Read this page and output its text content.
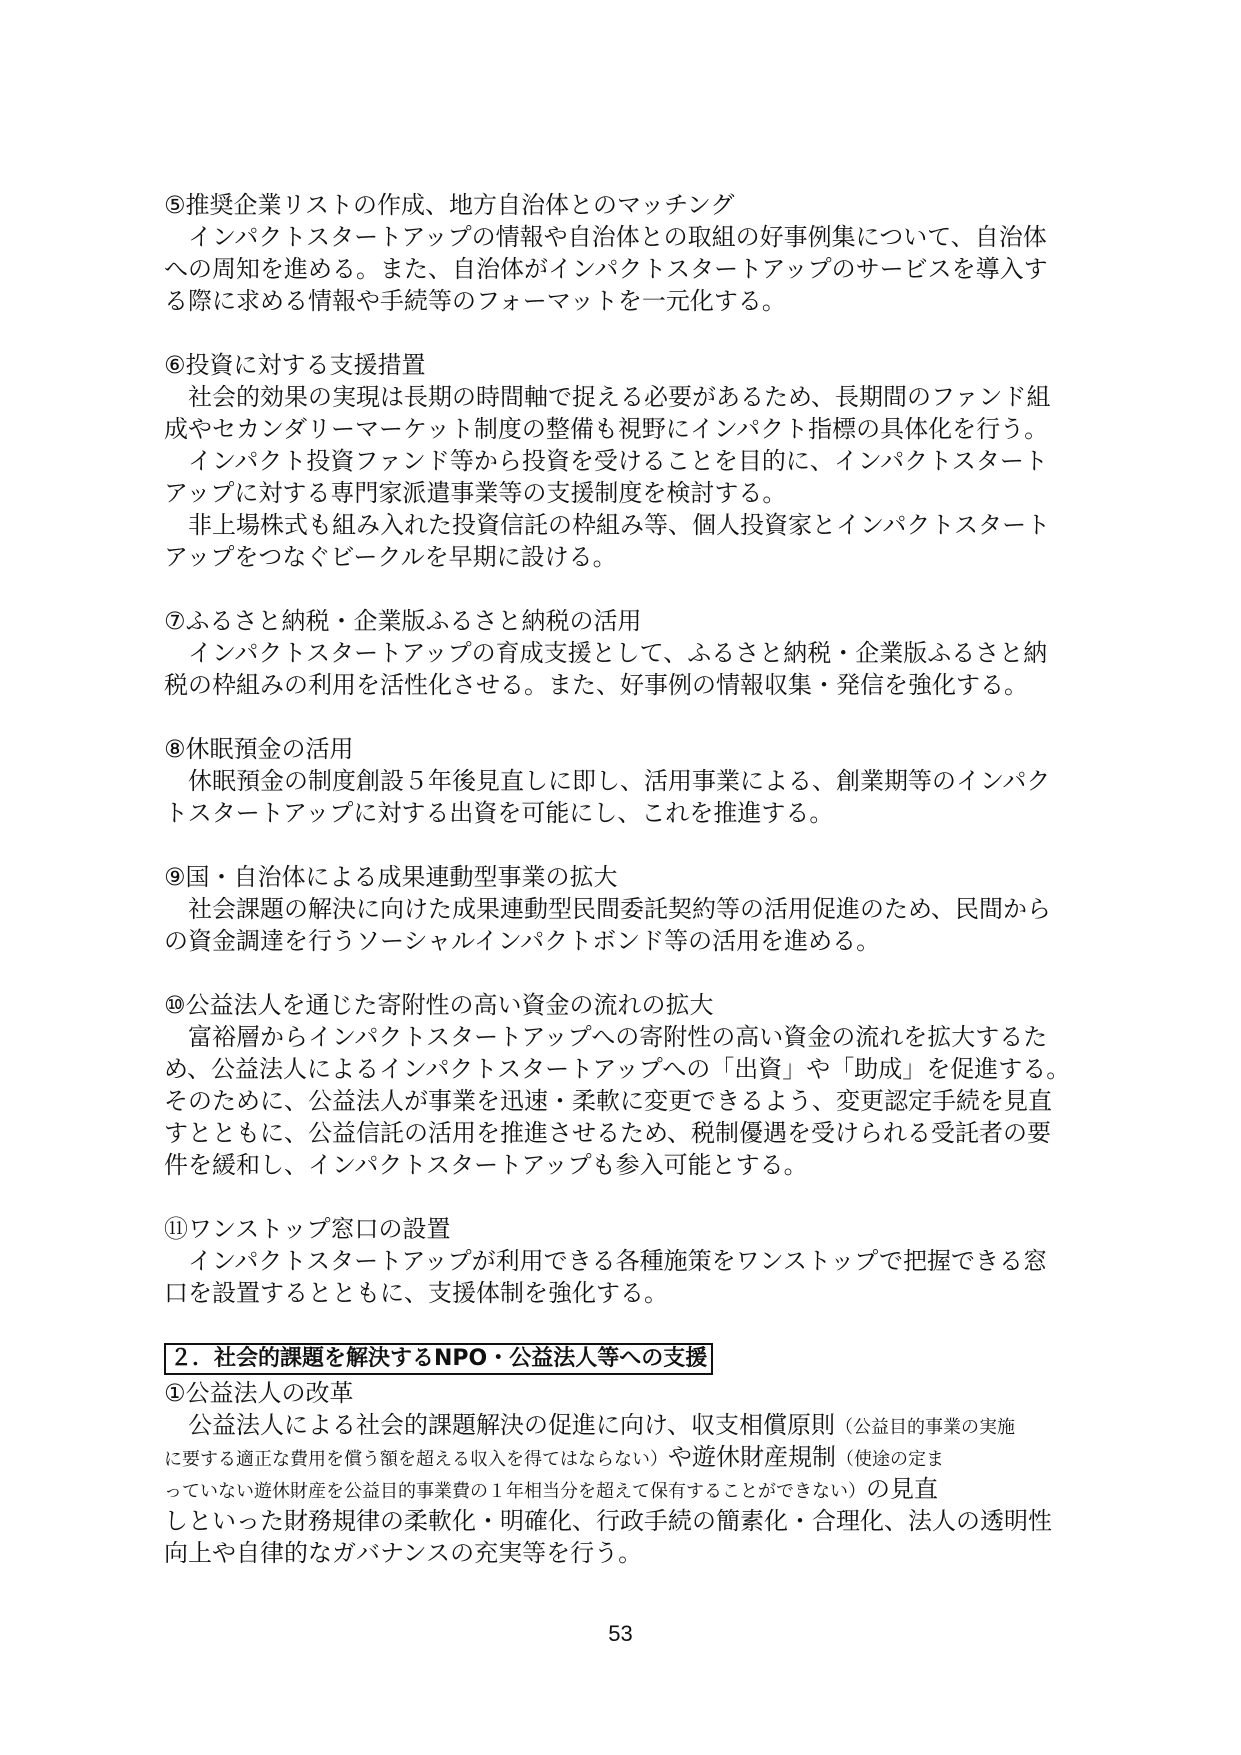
⑤推奨企業リストの作成、地方自治体とのマッチング
　インパクトスタートアップの情報や自治体との取組の好事例集について、自治体
への周知を進める。また、自治体がインパクトスタートアップのサービスを導入す
る際に求める情報や手続等のフォーマットを一元化する。
⑥投資に対する支援措置
　社会的効果の実現は長期の時間軸で捉える必要があるため、長期間のファンド組
成やセカンダリーマーケット制度の整備も視野にインパクト指標の具体化を行う。
　インパクト投資ファンド等から投資を受けることを目的に、インパクトスタート
アップに対する専門家派遣事業等の支援制度を検討する。
　非上場株式も組み入れた投資信託の枠組み等、個人投資家とインパクトスタート
アップをつなぐビークルを早期に設ける。
⑦ふるさと納税・企業版ふるさと納税の活用
　インパクトスタートアップの育成支援として、ふるさと納税・企業版ふるさと納
税の枠組みの利用を活性化させる。また、好事例の情報収集・発信を強化する。
⑧休眠預金の活用
　休眠預金の制度創設５年後見直しに即し、活用事業による、創業期等のインパク
トスタートアップに対する出資を可能にし、これを推進する。
⑨国・自治体による成果連動型事業の拡大
　社会課題の解決に向けた成果連動型民間委託契約等の活用促進のため、民間から
の資金調達を行うソーシャルインパクトボンド等の活用を進める。
⑩公益法人を通じた寄附性の高い資金の流れの拡大
　富裕層からインパクトスタートアップへの寄附性の高い資金の流れを拡大するた
め、公益法人によるインパクトスタートアップへの「出資」や「助成」を促進する。
そのために、公益法人が事業を迅速・柔軟に変更できるよう、変更認定手続を見直
すとともに、公益信託の活用を推進させるため、税制優遇を受けられる受託者の要
件を緩和し、インパクトスタートアップも参入可能とする。
⑪ワンストップ窓口の設置
　インパクトスタートアップが利用できる各種施策をワンストップで把握できる窓
口を設置するとともに、支援体制を強化する。
２．社会的課題を解決するNPO・公益法人等への支援
①公益法人の改革
　公益法人による社会的課題解決の促進に向け、収支相償原則（公益目的事業の実施
に要する適正な費用を償う額を超える収入を得てはならない）や遊休財産規制（使途の定ま
っていない遊休財産を公益目的事業費の１年相当分を超えて保有することができない）の見直
しといった財務規律の柔軟化・明確化、行政手続の簡素化・合理化、法人の透明性
向上や自律的なガバナンスの充実等を行う。
53
